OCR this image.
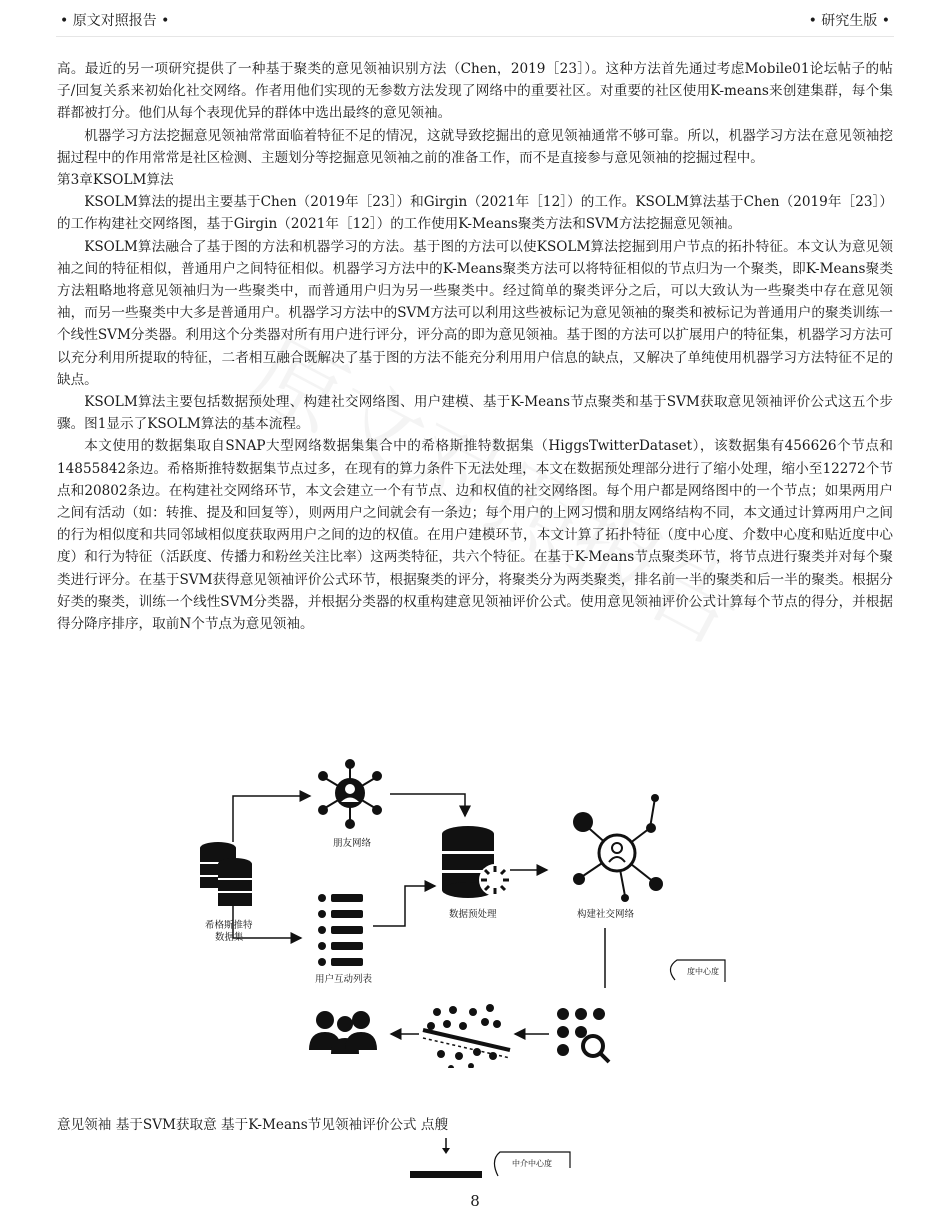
• 原文对照报告 •	• 研究生版 •

高。最近的另一项研究提供了一种基于聚类的意见领袖识别方法（Chen，2019［23］）。这种方法首先通过考虑Mobile01论坛帖子的帖子/回复关系来初始化社交网络。作者用他们实现的无参数方法发现了网络中的重要社区。对重要的社区使用K-means来创建集群，每个集群都被打分。他们从每个表现优异的群体中选出最终的意见领袖。

机器学习方法挖掘意见领袖常常面临着特征不足的情况，这就导致挖掘出的意见领袖通常不够可靠。所以，机器学习方法在意见领袖挖掘过程中的作用常常是社区检测、主题划分等挖掘意见领袖之前的准备工作，而不是直接参与意见领袖的挖掘过程中。

第3章KSOLM算法

KSOLM算法的提出主要基于Chen（2019年［23］）和Girgin（2021年［12］）的工作。KSOLM算法基于Chen（2019年［23］）的工作构建社交网络图，基于Girgin（2021年［12］）的工作使用K-Means聚类方法和SVM方法挖掘意见领袖。

KSOLM算法融合了基于图的方法和机器学习的方法。基于图的方法可以使KSOLM算法挖掘到用户节点的拓扑特征。本文认为意见领袖之间的特征相似，普通用户之间特征相似。机器学习方法中的K-Means聚类方法可以将特征相似的节点归为一个聚类，即K-Means聚类方法粗略地将意见领袖归为一些聚类中，而普通用户归为另一些聚类中。经过简单的聚类评分之后，可以大致认为一些聚类中存在意见领袖，而另一些聚类中大多是普通用户。机器学习方法中的SVM方法可以利用这些被标记为意见领袖的聚类和被标记为普通用户的聚类训练一个线性SVM分类器。利用这个分类器对所有用户进行评分，评分高的即为意见领袖。基于图的方法可以扩展用户的特征集，机器学习方法可以充分利用所提取的特征，二者相互融合既解决了基于图的方法不能充分利用用户信息的缺点，又解决了单纯使用机器学习方法特征不足的缺点。

KSOLM算法主要包括数据预处理、构建社交网络图、用户建模、基于K-Means节点聚类和基于SVM获取意见领袖评价公式这五个步骤。图1显示了KSOLM算法的基本流程。

本文使用的数据集取自SNAP大型网络数据集集合中的希格斯推特数据集（HiggsTwitterDataset），该数据集有456626个节点和14855842条边。希格斯推特数据集节点过多，在现有的算力条件下无法处理，本文在数据预处理部分进行了缩小处理，缩小至12272个节点和20802条边。在构建社交网络环节，本文会建立一个有节点、边和权值的社交网络图。每个用户都是网络图中的一个节点；如果两用户之间有活动（如：转推、提及和回复等），则两用户之间就会有一条边；每个用户的上网习惯和朋友网络结构不同，本文通过计算两用户之间的行为相似度和共同邻域相似度获取两用户之间的边的权值。在用户建模环节，本文计算了拓扑特征（度中心度、介数中心度和贴近度中心度）和行为特征（活跃度、传播力和粉丝关注比率）这两类特征，共六个特征。在基于K-Means节点聚类环节，将节点进行聚类并对每个聚类进行评分。在基于SVM获得意见领袖评价公式环节，根据聚类的评分，将聚类分为两类聚类，排名前一半的聚类和后一半的聚类。根据分好类的聚类，训练一个线性SVM分类器，并根据分类器的权重构建意见领袖评价公式。使用意见领袖评价公式计算每个节点的得分，并根据得分降序排序，取前N个节点为意见领袖。

朋友网络
希格斯推特
数据集
用户互动列表
数据预处理	构建社交网络
度中心度
意见领袖 基于SVM获取意 基于K-Means节见领袖评价公式 点艘
中介中心度
8
